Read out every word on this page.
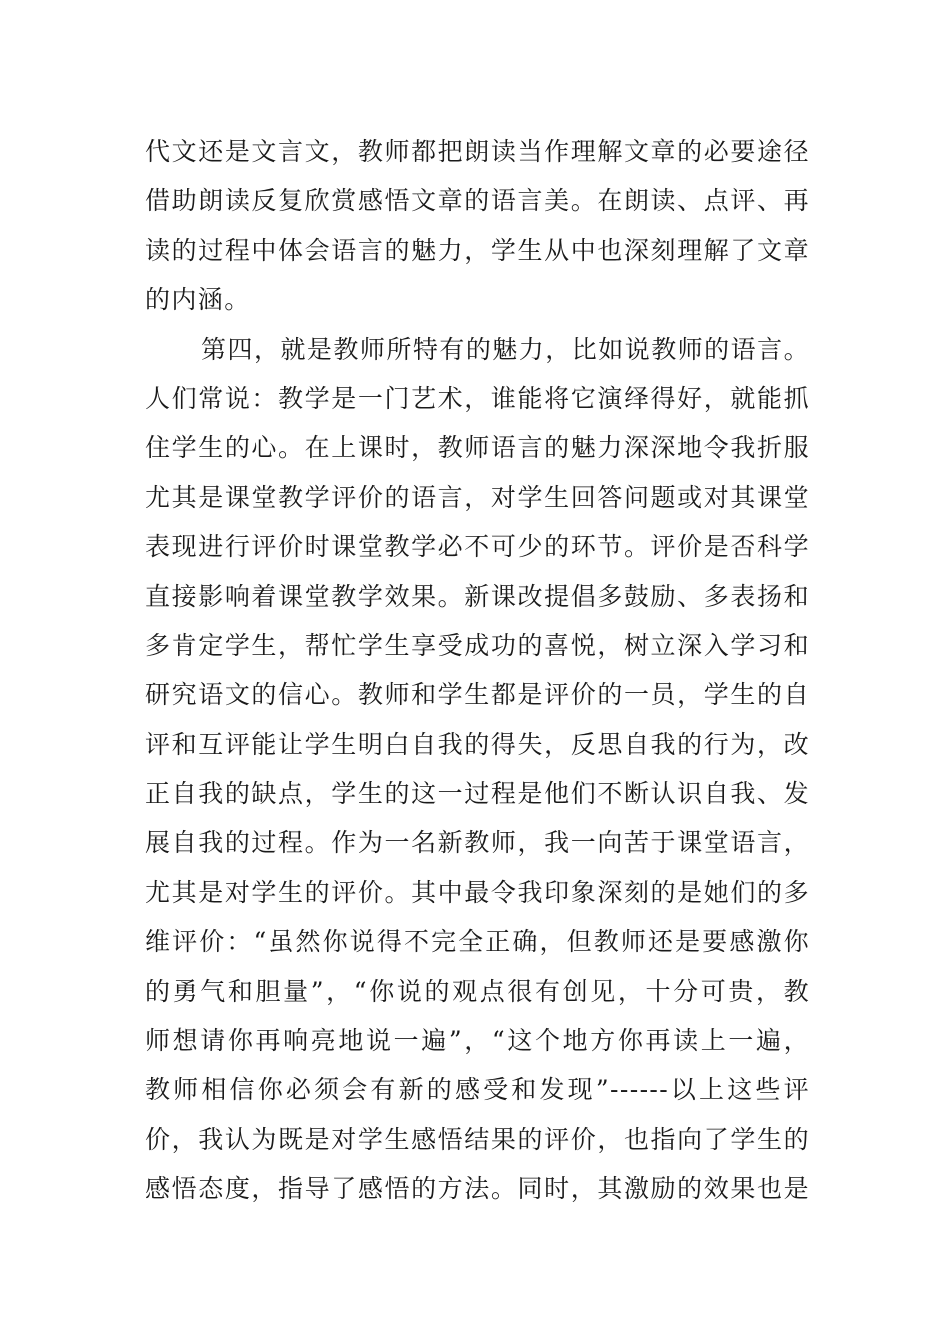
代文还是文言文，教师都把朗读当作理解文章的必要途径
借助朗读反复欣赏感悟文章的语言美。在朗读、点评、再
读的过程中体会语言的魅力，学生从中也深刻理解了文章
的内涵。
第四，就是教师所特有的魅力，比如说教师的语言。
人们常说：教学是一门艺术，谁能将它演绎得好，就能抓
住学生的心。在上课时，教师语言的魅力深深地令我折服
尤其是课堂教学评价的语言，对学生回答问题或对其课堂
表现进行评价时课堂教学必不可少的环节。评价是否科学
直接影响着课堂教学效果。新课改提倡多鼓励、多表扬和
多肯定学生，帮忙学生享受成功的喜悦，树立深入学习和
研究语文的信心。教师和学生都是评价的一员，学生的自
评和互评能让学生明白自我的得失，反思自我的行为，改
正自我的缺点，学生的这一过程是他们不断认识自我、发
展自我的过程。作为一名新教师，我一向苦于课堂语言，
尤其是对学生的评价。其中最令我印象深刻的是她们的多
维评价：“虽然你说得不完全正确，但教师还是要感激你
的勇气和胆量”，“你说的观点很有创见，十分可贵，教
师想请你再响亮地说一遍”，“这个地方你再读上一遍，
教师相信你必须会有新的感受和发现”------以上这些评
价，我认为既是对学生感悟结果的评价，也指向了学生的
感悟态度，指导了感悟的方法。同时，其激励的效果也是
